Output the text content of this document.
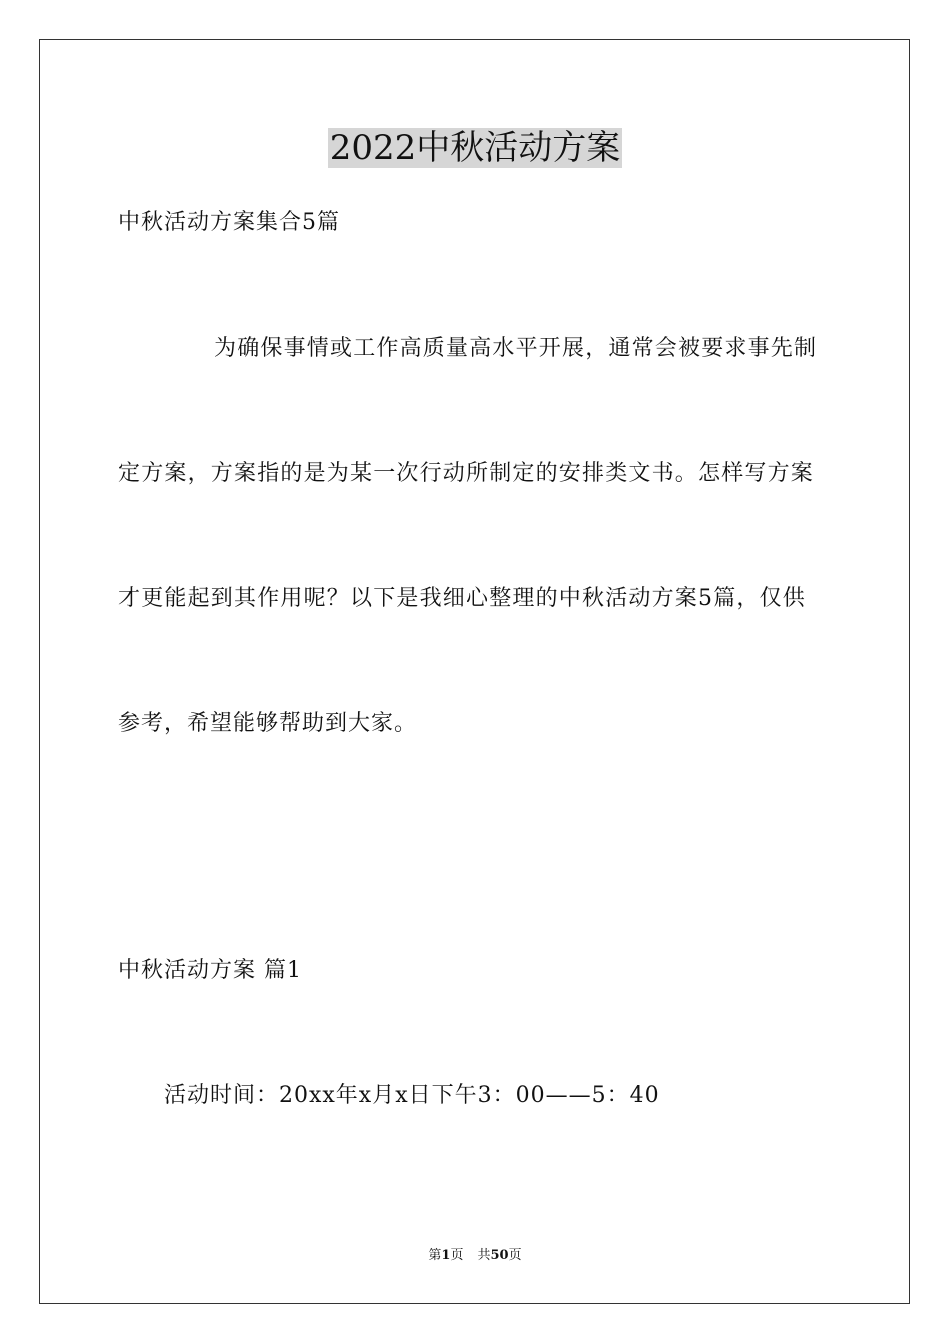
2022中秋活动方案
中秋活动方案集合5篇
为确保事情或工作高质量高水平开展，通常会被要求事先制
定方案，方案指的是为某一次行动所制定的安排类文书。怎样写方案
才更能起到其作用呢？以下是我细心整理的中秋活动方案5篇，仅供
参考，希望能够帮助到大家。
中秋活动方案 篇1
活动时间：20xx年x月x日下午3：00——5：40
第1页 共50页
